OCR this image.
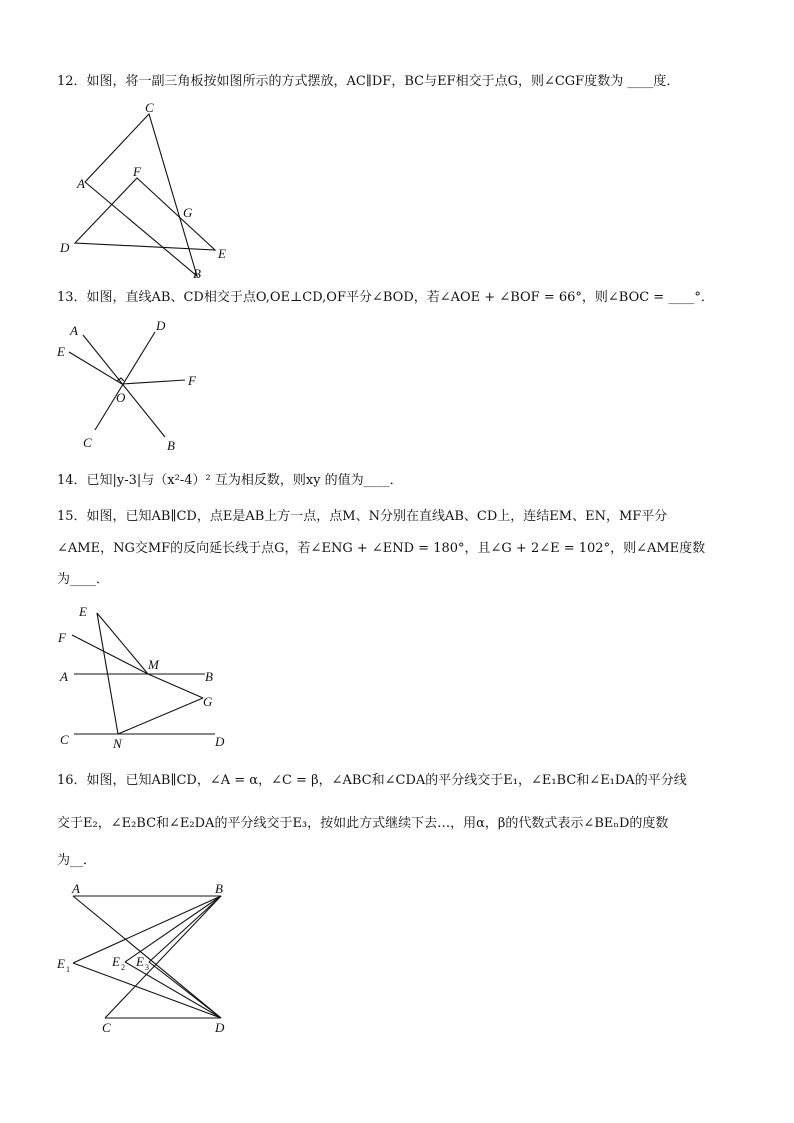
12．如图，将一副三角板按如图所示的方式摆放，AC∥DF，BC与EF相交于点G，则∠CGF度数为 ____度．
C
A
F
G
D	E
B
13．如图，直线AB、CD相交于点O,OE⊥CD,OF平分∠BOD，若∠AOE + ∠BOF = 66°，则∠BOC = ____°．
A	D
E
F
O
C	B
14．已知|y-3|与（x²-4）² 互为相反数，则xy 的值为____．
15．如图，已知AB∥CD，点E是AB上方一点，点M、N分别在直线AB、CD上，连结EM、EN，MF平分
∠AME，NG交MF的反向延长线于点G，若∠ENG + ∠END = 180°，且∠G + 2∠E = 102°，则∠AME度数
为____．
E
F
M
A	B
G
C	N	D
16．如图，已知AB∥CD，∠A = α，∠C = β，∠ABC和∠CDA的平分线交于E₁，∠E₁BC和∠E₁DA的平分线
交于E₂，∠E₂BC和∠E₂DA的平分线交于E₃，按如此方式继续下去…，用α，β的代数式表示∠BEₙD的度数
为__．
A	B
E 1
E 2 E 3
C	D
